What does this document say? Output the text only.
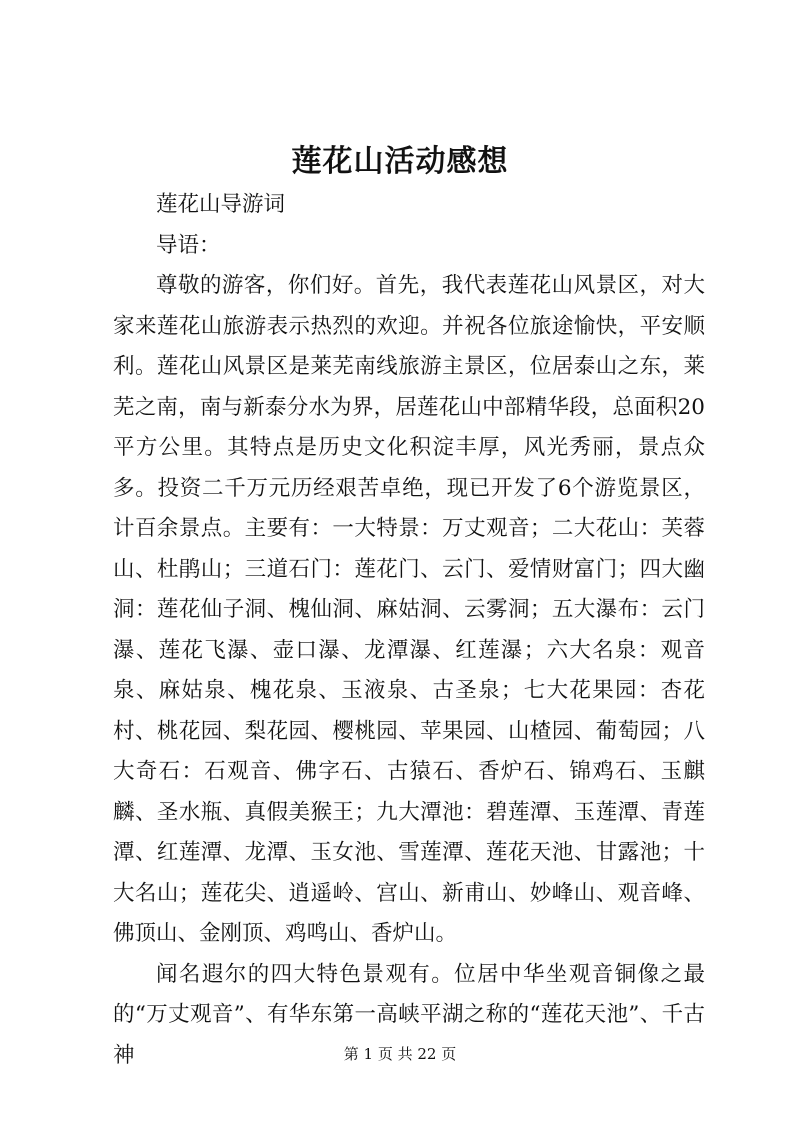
莲花山活动感想

莲花山导游词

导语：

尊敬的游客，你们好。首先，我代表莲花山风景区，对大家来莲花山旅游表示热烈的欢迎。并祝各位旅途愉快，平安顺利。莲花山风景区是莱芜南线旅游主景区，位居泰山之东，莱芜之南，南与新泰分水为界，居莲花山中部精华段，总面积20平方公里。其特点是历史文化积淀丰厚，风光秀丽，景点众多。投资二千万元历经艰苦卓绝，现已开发了6个游览景区，计百余景点。主要有：一大特景：万丈观音；二大花山：芙蓉山、杜鹃山；三道石门：莲花门、云门、爱情财富门；四大幽洞：莲花仙子洞、槐仙洞、麻姑洞、云雾洞；五大瀑布：云门瀑、莲花飞瀑、壶口瀑、龙潭瀑、红莲瀑；六大名泉：观音泉、麻姑泉、槐花泉、玉液泉、古圣泉；七大花果园：杏花村、桃花园、梨花园、樱桃园、苹果园、山楂园、葡萄园；八大奇石：石观音、佛字石、古猿石、香炉石、锦鸡石、玉麒麟、圣水瓶、真假美猴王；九大潭池：碧莲潭、玉莲潭、青莲潭、红莲潭、龙潭、玉女池、雪莲潭、莲花天池、甘露池；十大名山；莲花尖、逍遥岭、宫山、新甫山、妙峰山、观音峰、佛顶山、金刚顶、鸡鸣山、香炉山。

闻名遐尔的四大特色景观有。位居中华坐观音铜像之最的“万丈观音”、有华东第一高峡平湖之称的“莲花天池”、千古神	第 1 页 共 22 页
